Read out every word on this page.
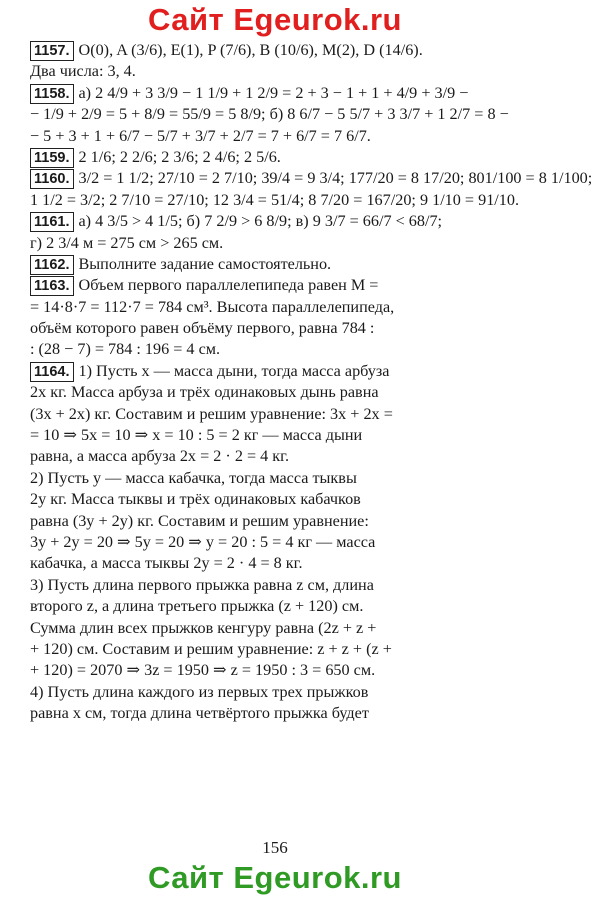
Сайт Egeurok.ru
1157. O(0), A (3/6), E(1), P (7/6), B (10/6), M(2), D (14/6).
Два числа: 3, 4.
1158. а) 2 4/9 + 3 3/9 − 1 1/9 + 1 2/9 = 2 + 3 − 1 + 1 + 4/9 + 3/9 −
− 1/9 + 2/9 = 5 + 8/9 = 55/9 = 5 8/9; б) 8 6/7 − 5 5/7 + 3 3/7 + 1 2/7 = 8 −
− 5 + 3 + 1 + 6/7 − 5/7 + 3/7 + 2/7 = 7 + 6/7 = 7 6/7.
1159. 2 1/6; 2 2/6; 2 3/6; 2 4/6; 2 5/6.
1160. 3/2 = 1 1/2; 27/10 = 2 7/10; 39/4 = 9 3/4; 177/20 = 8 17/20; 801/100 = 8 1/100;
1 1/2 = 3/2; 2 7/10 = 27/10; 12 3/4 = 51/4; 8 7/20 = 167/20; 9 1/10 = 91/10.
1161. а) 4 3/5 > 4 1/5; б) 7 2/9 > 6 8/9; в) 9 3/7 = 66/7 < 68/7;
г) 2 3/4 м = 275 см > 265 см.
1162. Выполните задание самостоятельно.
1163. Объем первого параллелепипеда равен M =
= 14·8·7 = 112·7 = 784 см³. Высота параллелепипеда,
объём которого равен объёму первого, равна 784 :
: (28 − 7) = 784 : 196 = 4 см.
1164. 1) Пусть x — масса дыни, тогда масса арбуза
2x кг. Масса арбуза и трёх одинаковых дынь равна
(3x + 2x) кг. Составим и решим уравнение: 3x + 2x =
= 10 ⇒ 5x = 10 ⇒ x = 10 : 5 = 2 кг — масса дыни
равна, а масса арбуза 2x = 2 · 2 = 4 кг.
2) Пусть y — масса кабачка, тогда масса тыквы
2y кг. Масса тыквы и трёх одинаковых кабачков
равна (3y + 2y) кг. Составим и решим уравнение:
3y + 2y = 20 ⇒ 5y = 20 ⇒ y = 20 : 5 = 4 кг — масса
кабачка, а масса тыквы 2y = 2 · 4 = 8 кг.
3) Пусть длина первого прыжка равна z см, длина
второго z, а длина третьего прыжка (z + 120) см.
Сумма длин всех прыжков кенгуру равна (2z + z +
+ 120) см. Составим и решим уравнение: z + z + (z +
+ 120) = 2070 ⇒ 3z = 1950 ⇒ z = 1950 : 3 = 650 см.
4) Пусть длина каждого из первых трех прыжков
равна x см, тогда длина четвёртого прыжка будет
156
Сайт Egeurok.ru
